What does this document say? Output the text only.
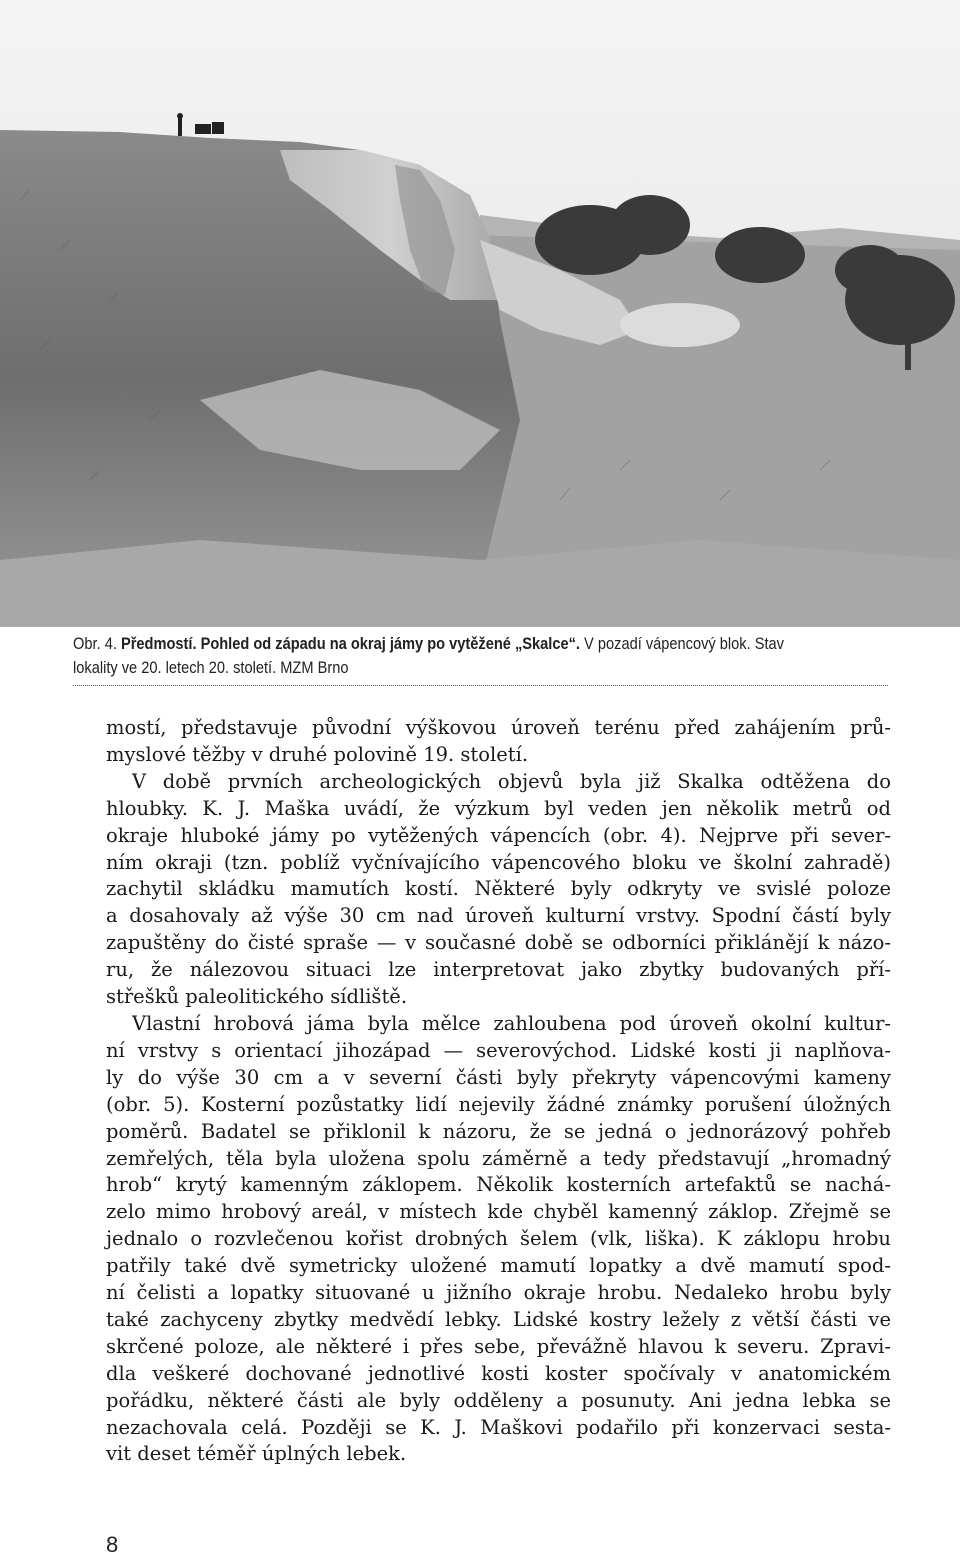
Obr. 4. Předmostí. Pohled od západu na okraj jámy po vytěžené „Skalce“. V pozadí vápencový blok. Stav
lokality ve 20. letech 20. století. MZM Brno

mostí, představuje původní výškovou úroveň terénu před zahájením prů-
myslové těžby v druhé polovině 19. století.

V době prvních archeologických objevů byla již Skalka odtěžena do
hloubky. K. J. Maška uvádí, že výzkum byl veden jen několik metrů od
okraje hluboké jámy po vytěžených vápencích (obr. 4). Nejprve při sever-
ním okraji (tzn. poblíž vyčnívajícího vápencového bloku ve školní zahradě)
zachytil skládku mamutích kostí. Některé byly odkryty ve svislé poloze
a dosahovaly až výše 30 cm nad úroveň kulturní vrstvy. Spodní částí byly
zapuštěny do čisté spraše — v současné době se odborníci přiklánějí k názo-
ru, že nálezovou situaci lze interpretovat jako zbytky budovaných pří-
střešků paleolitického sídliště.

Vlastní hrobová jáma byla mělce zahloubena pod úroveň okolní kultur-
ní vrstvy s orientací jihozápad — severovýchod. Lidské kosti ji naplňova-
ly do výše 30 cm a v severní části byly překryty vápencovými kameny
(obr. 5). Kosterní pozůstatky lidí nejevily žádné známky porušení úložných
poměrů. Badatel se přiklonil k názoru, že se jedná o jednorázový pohřeb
zemřelých, těla byla uložena spolu záměrně a tedy představují „hromadný
hrob“ krytý kamenným záklopem. Několik kosterních artefaktů se nachá-
zelo mimo hrobový areál, v místech kde chyběl kamenný záklop. Zřejmě se
jednalo o rozvlečenou kořist drobných šelem (vlk, liška). K záklopu hrobu
patřily také dvě symetricky uložené mamutí lopatky a dvě mamutí spod-
ní čelisti a lopatky situované u jižního okraje hrobu. Nedaleko hrobu byly
také zachyceny zbytky medvědí lebky. Lidské kostry ležely z větší části ve
skrčené poloze, ale některé i přes sebe, převážně hlavou k severu. Zpravi-
dla veškeré dochované jednotlivé kosti koster spočívaly v anatomickém
pořádku, některé části ale byly odděleny a posunuty. Ani jedna lebka se
nezachovala celá. Později se K. J. Maškovi podařilo při konzervaci sesta-
vit deset téměř úplných lebek.

8
